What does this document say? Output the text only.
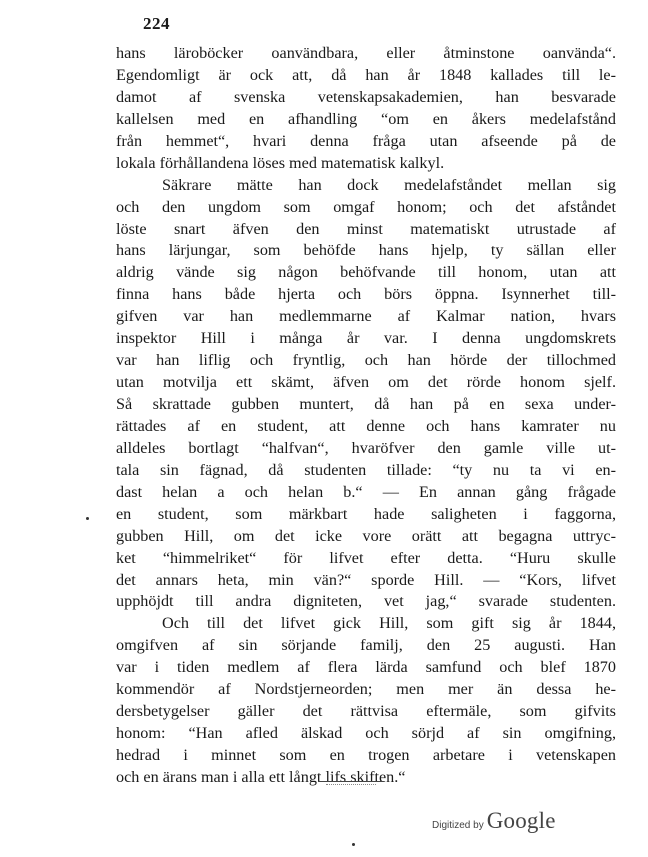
224
hans läroböcker oanvändbara, eller åtminstone oanvända“.
Egendomligt är ock att, då han år 1848 kallades till le-
damot af svenska vetenskapsakademien, han besvarade
kallelsen med en afhandling “om en åkers medelafstånd
från hemmet“, hvari denna fråga utan afseende på de
lokala förhållandena löses med matematisk kalkyl.
Säkrare mätte han dock medelafståndet mellan sig
och den ungdom som omgaf honom; och det afståndet
löste snart äfven den minst matematiskt utrustade af
hans lärjungar, som behöfde hans hjelp, ty sällan eller
aldrig vände sig någon behöfvande till honom, utan att
finna hans både hjerta och börs öppna. Isynnerhet till-
gifven var han medlemmarne af Kalmar nation, hvars
inspektor Hill i många år var. I denna ungdomskrets
var han liflig och fryntlig, och han hörde der tillochmed
utan motvilja ett skämt, äfven om det rörde honom sjelf.
Så skrattade gubben muntert, då han på en sexa under-
rättades af en student, att denne och hans kamrater nu
alldeles bortlagt “halfvan“, hvaröfver den gamle ville ut-
tala sin fägnad, då studenten tillade: “ty nu ta vi en-
dast helan a och helan b.“ — En annan gång frågade
en student, som märkbart hade saligheten i faggorna,
gubben Hill, om det icke vore orätt att begagna uttryc-
ket “himmelriket“ för lifvet efter detta. “Huru skulle
det annars heta, min vän?“ sporde Hill. — “Kors, lifvet
upphöjdt till andra digniteten, vet jag,“ svarade studenten.
Och till det lifvet gick Hill, som gift sig år 1844,
omgifven af sin sörjande familj, den 25 augusti. Han
var i tiden medlem af flera lärda samfund och blef 1870
kommendör af Nordstjerneorden; men mer än dessa he-
dersbetygelser gäller det rättvisa eftermäle, som gifvits
honom: “Han afled älskad och sörjd af sin omgifning,
hedrad i minnet som en trogen arbetare i vetenskapen
och en ärans man i alla ett långt lifs skiften.“
Digitized by Google
